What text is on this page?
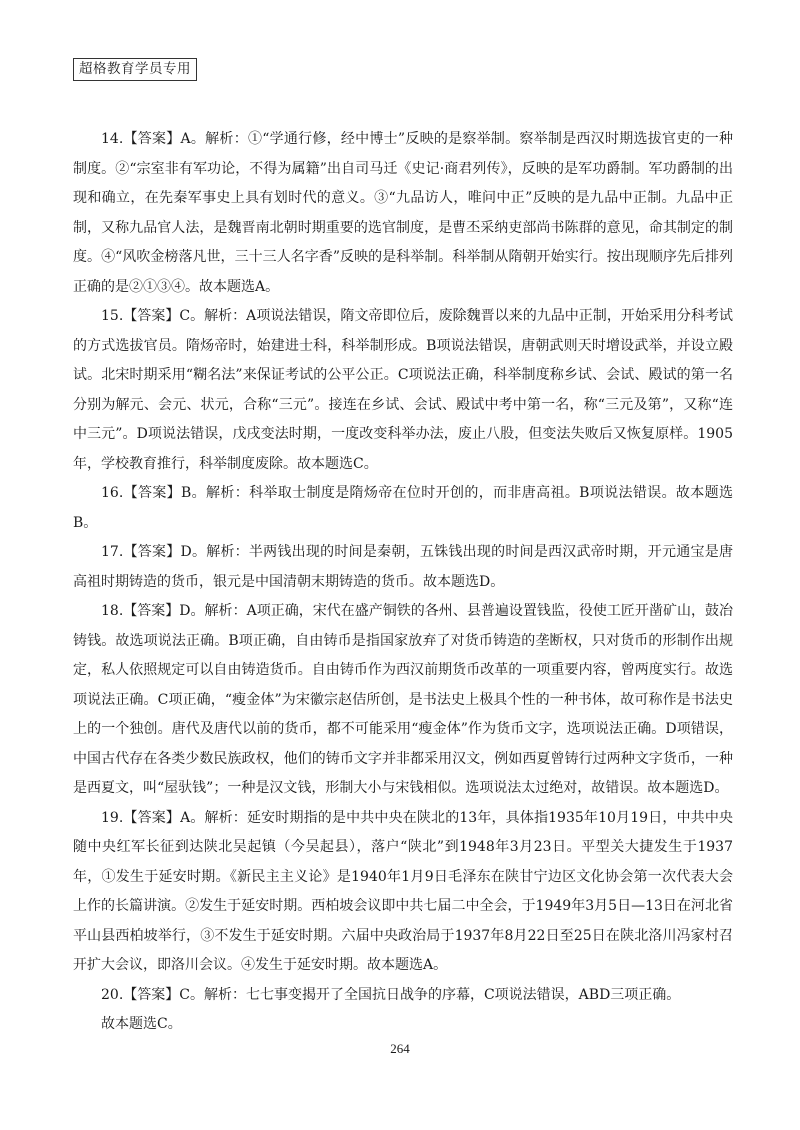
超格教育学员专用

14.【答案】A。解析：①“学通行修，经中博士”反映的是察举制。察举制是西汉时期选拔官吏的一种制度。②“宗室非有军功论，不得为属籍”出自司马迁《史记·商君列传》，反映的是军功爵制。军功爵制的出现和确立，在先秦军事史上具有划时代的意义。③“九品访人，唯问中正”反映的是九品中正制。九品中正制，又称九品官人法，是魏晋南北朝时期重要的选官制度，是曹丕采纳吏部尚书陈群的意见，命其制定的制度。④“风吹金榜落凡世，三十三人名字香”反映的是科举制。科举制从隋朝开始实行。按出现顺序先后排列正确的是②①③④。故本题选A。

15.【答案】C。解析：A项说法错误，隋文帝即位后，废除魏晋以来的九品中正制，开始采用分科考试的方式选拔官员。隋炀帝时，始建进士科，科举制形成。B项说法错误，唐朝武则天时增设武举，并设立殿试。北宋时期采用“糊名法”来保证考试的公平公正。C项说法正确，科举制度称乡试、会试、殿试的第一名分别为解元、会元、状元，合称“三元”。接连在乡试、会试、殿试中考中第一名，称“三元及第”，又称“连中三元”。D项说法错误，戊戌变法时期，一度改变科举办法，废止八股，但变法失败后又恢复原样。1905年，学校教育推行，科举制度废除。故本题选C。

16.【答案】B。解析：科举取士制度是隋炀帝在位时开创的，而非唐高祖。B项说法错误。故本题选B。

17.【答案】D。解析：半两钱出现的时间是秦朝，五铢钱出现的时间是西汉武帝时期，开元通宝是唐高祖时期铸造的货币，银元是中国清朝末期铸造的货币。故本题选D。

18.【答案】D。解析：A项正确，宋代在盛产铜铁的各州、县普遍设置钱监，役使工匠开凿矿山，鼓冶铸钱。故选项说法正确。B项正确，自由铸币是指国家放弃了对货币铸造的垄断权，只对货币的形制作出规定，私人依照规定可以自由铸造货币。自由铸币作为西汉前期货币改革的一项重要内容，曾两度实行。故选项说法正确。C项正确，“瘦金体”为宋徽宗赵佶所创，是书法史上极具个性的一种书体，故可称作是书法史上的一个独创。唐代及唐代以前的货币，都不可能采用“瘦金体”作为货币文字，选项说法正确。D项错误，中国古代存在各类少数民族政权，他们的铸币文字并非都采用汉文，例如西夏曾铸行过两种文字货币，一种是西夏文，叫“屋驮钱”；一种是汉文钱，形制大小与宋钱相似。选项说法太过绝对，故错误。故本题选D。

19.【答案】A。解析：延安时期指的是中共中央在陕北的13年，具体指1935年10月19日，中共中央随中央红军长征到达陕北吴起镇（今吴起县），落户“陕北”到1948年3月23日。平型关大捷发生于1937年，①发生于延安时期。《新民主主义论》是1940年1月9日毛泽东在陕甘宁边区文化协会第一次代表大会上作的长篇讲演。②发生于延安时期。西柏坡会议即中共七届二中全会，于1949年3月5日—13日在河北省平山县西柏坡举行，③不发生于延安时期。六届中央政治局于1937年8月22日至25日在陕北洛川冯家村召开扩大会议，即洛川会议。④发生于延安时期。故本题选A。

20.【答案】C。解析：七七事变揭开了全国抗日战争的序幕，C项说法错误，ABD三项正确。

故本题选C。

264
